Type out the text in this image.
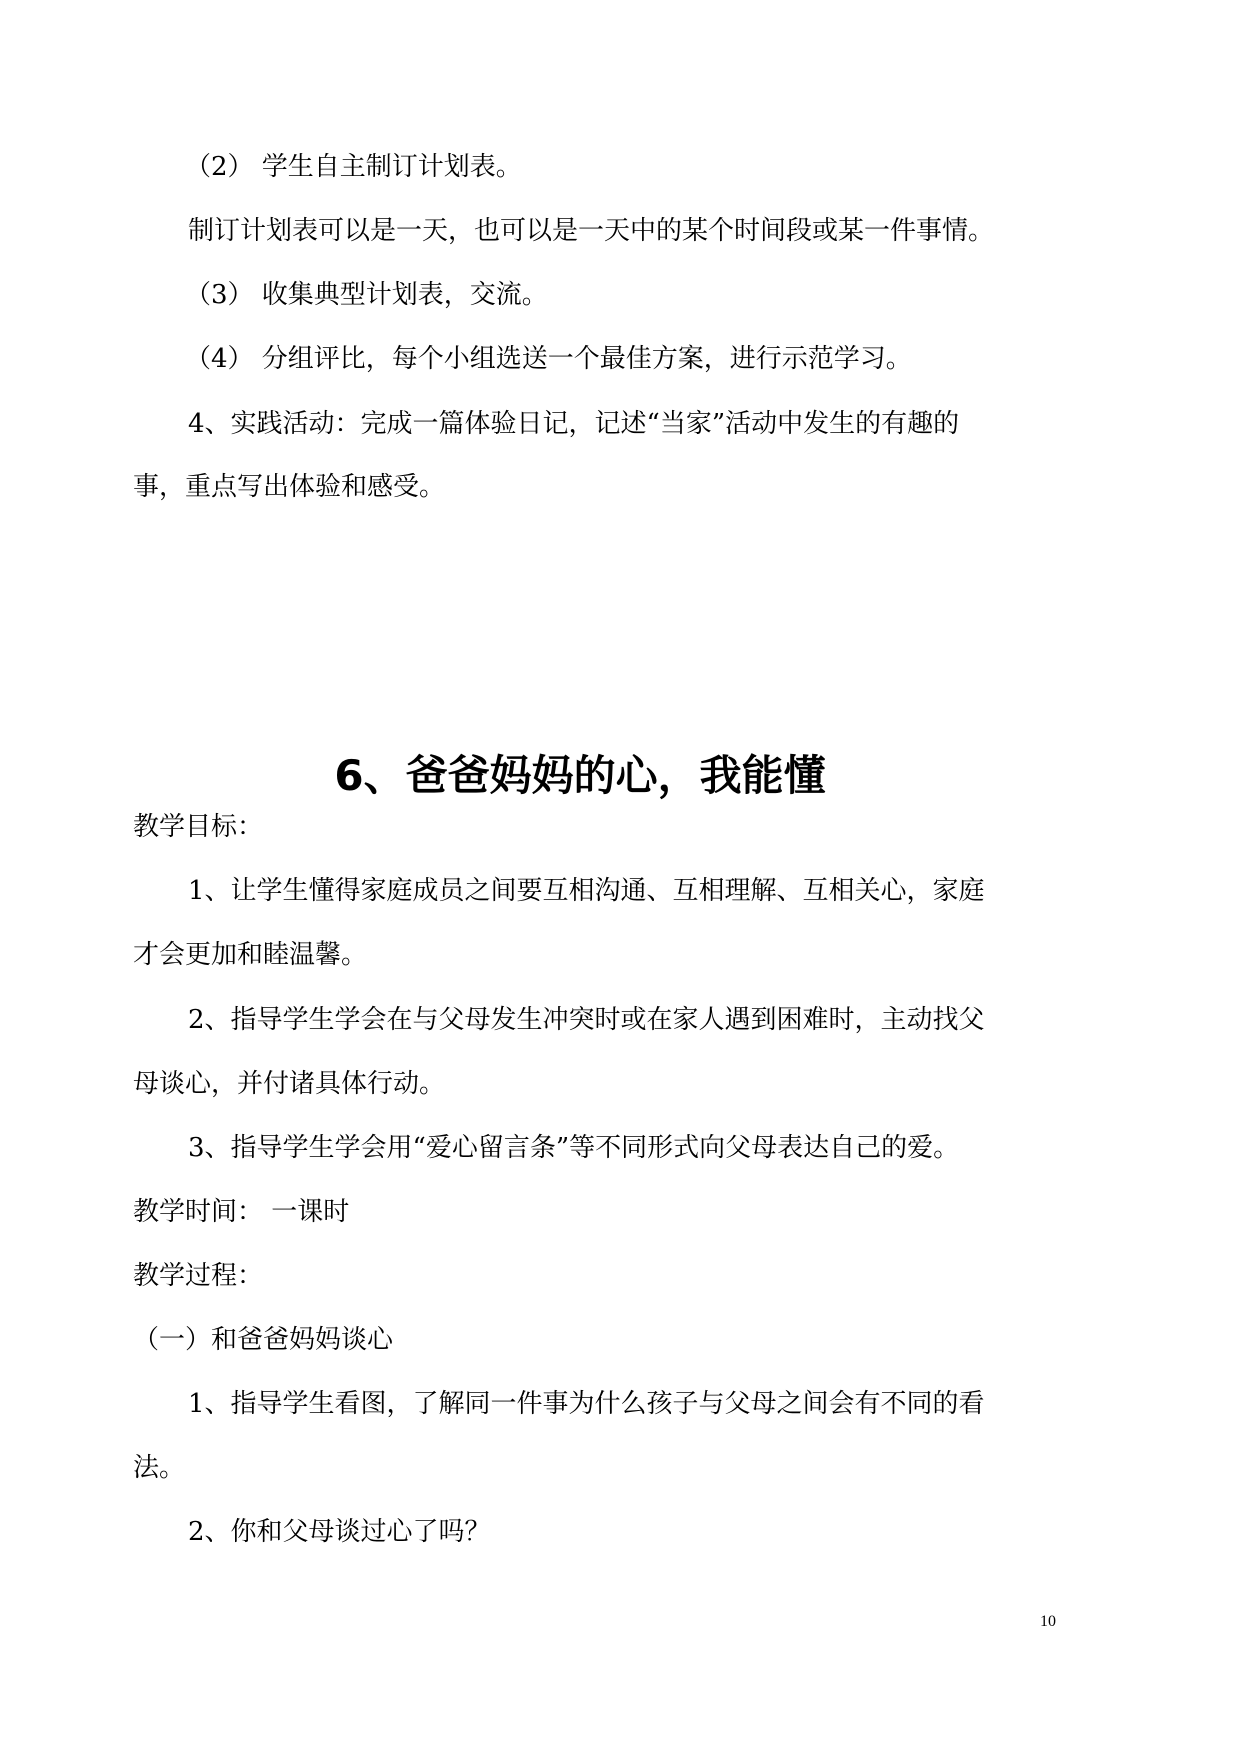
（2） 学生自主制订计划表。

制订计划表可以是一天，也可以是一天中的某个时间段或某一件事情。

（3） 收集典型计划表，交流。

（4） 分组评比，每个小组选送一个最佳方案，进行示范学习。

4、实践活动：完成一篇体验日记，记述“当家”活动中发生的有趣的

事，重点写出体验和感受。

6、爸爸妈妈的心，我能懂

教学目标：

1、让学生懂得家庭成员之间要互相沟通、互相理解、互相关心，家庭

才会更加和睦温馨。

2、指导学生学会在与父母发生冲突时或在家人遇到困难时，主动找父

母谈心，并付诸具体行动。

3、指导学生学会用“爱心留言条”等不同形式向父母表达自己的爱。

教学时间： 一课时

教学过程：

（一）和爸爸妈妈谈心

1、指导学生看图，了解同一件事为什么孩子与父母之间会有不同的看

法。

2、你和父母谈过心了吗？

10
